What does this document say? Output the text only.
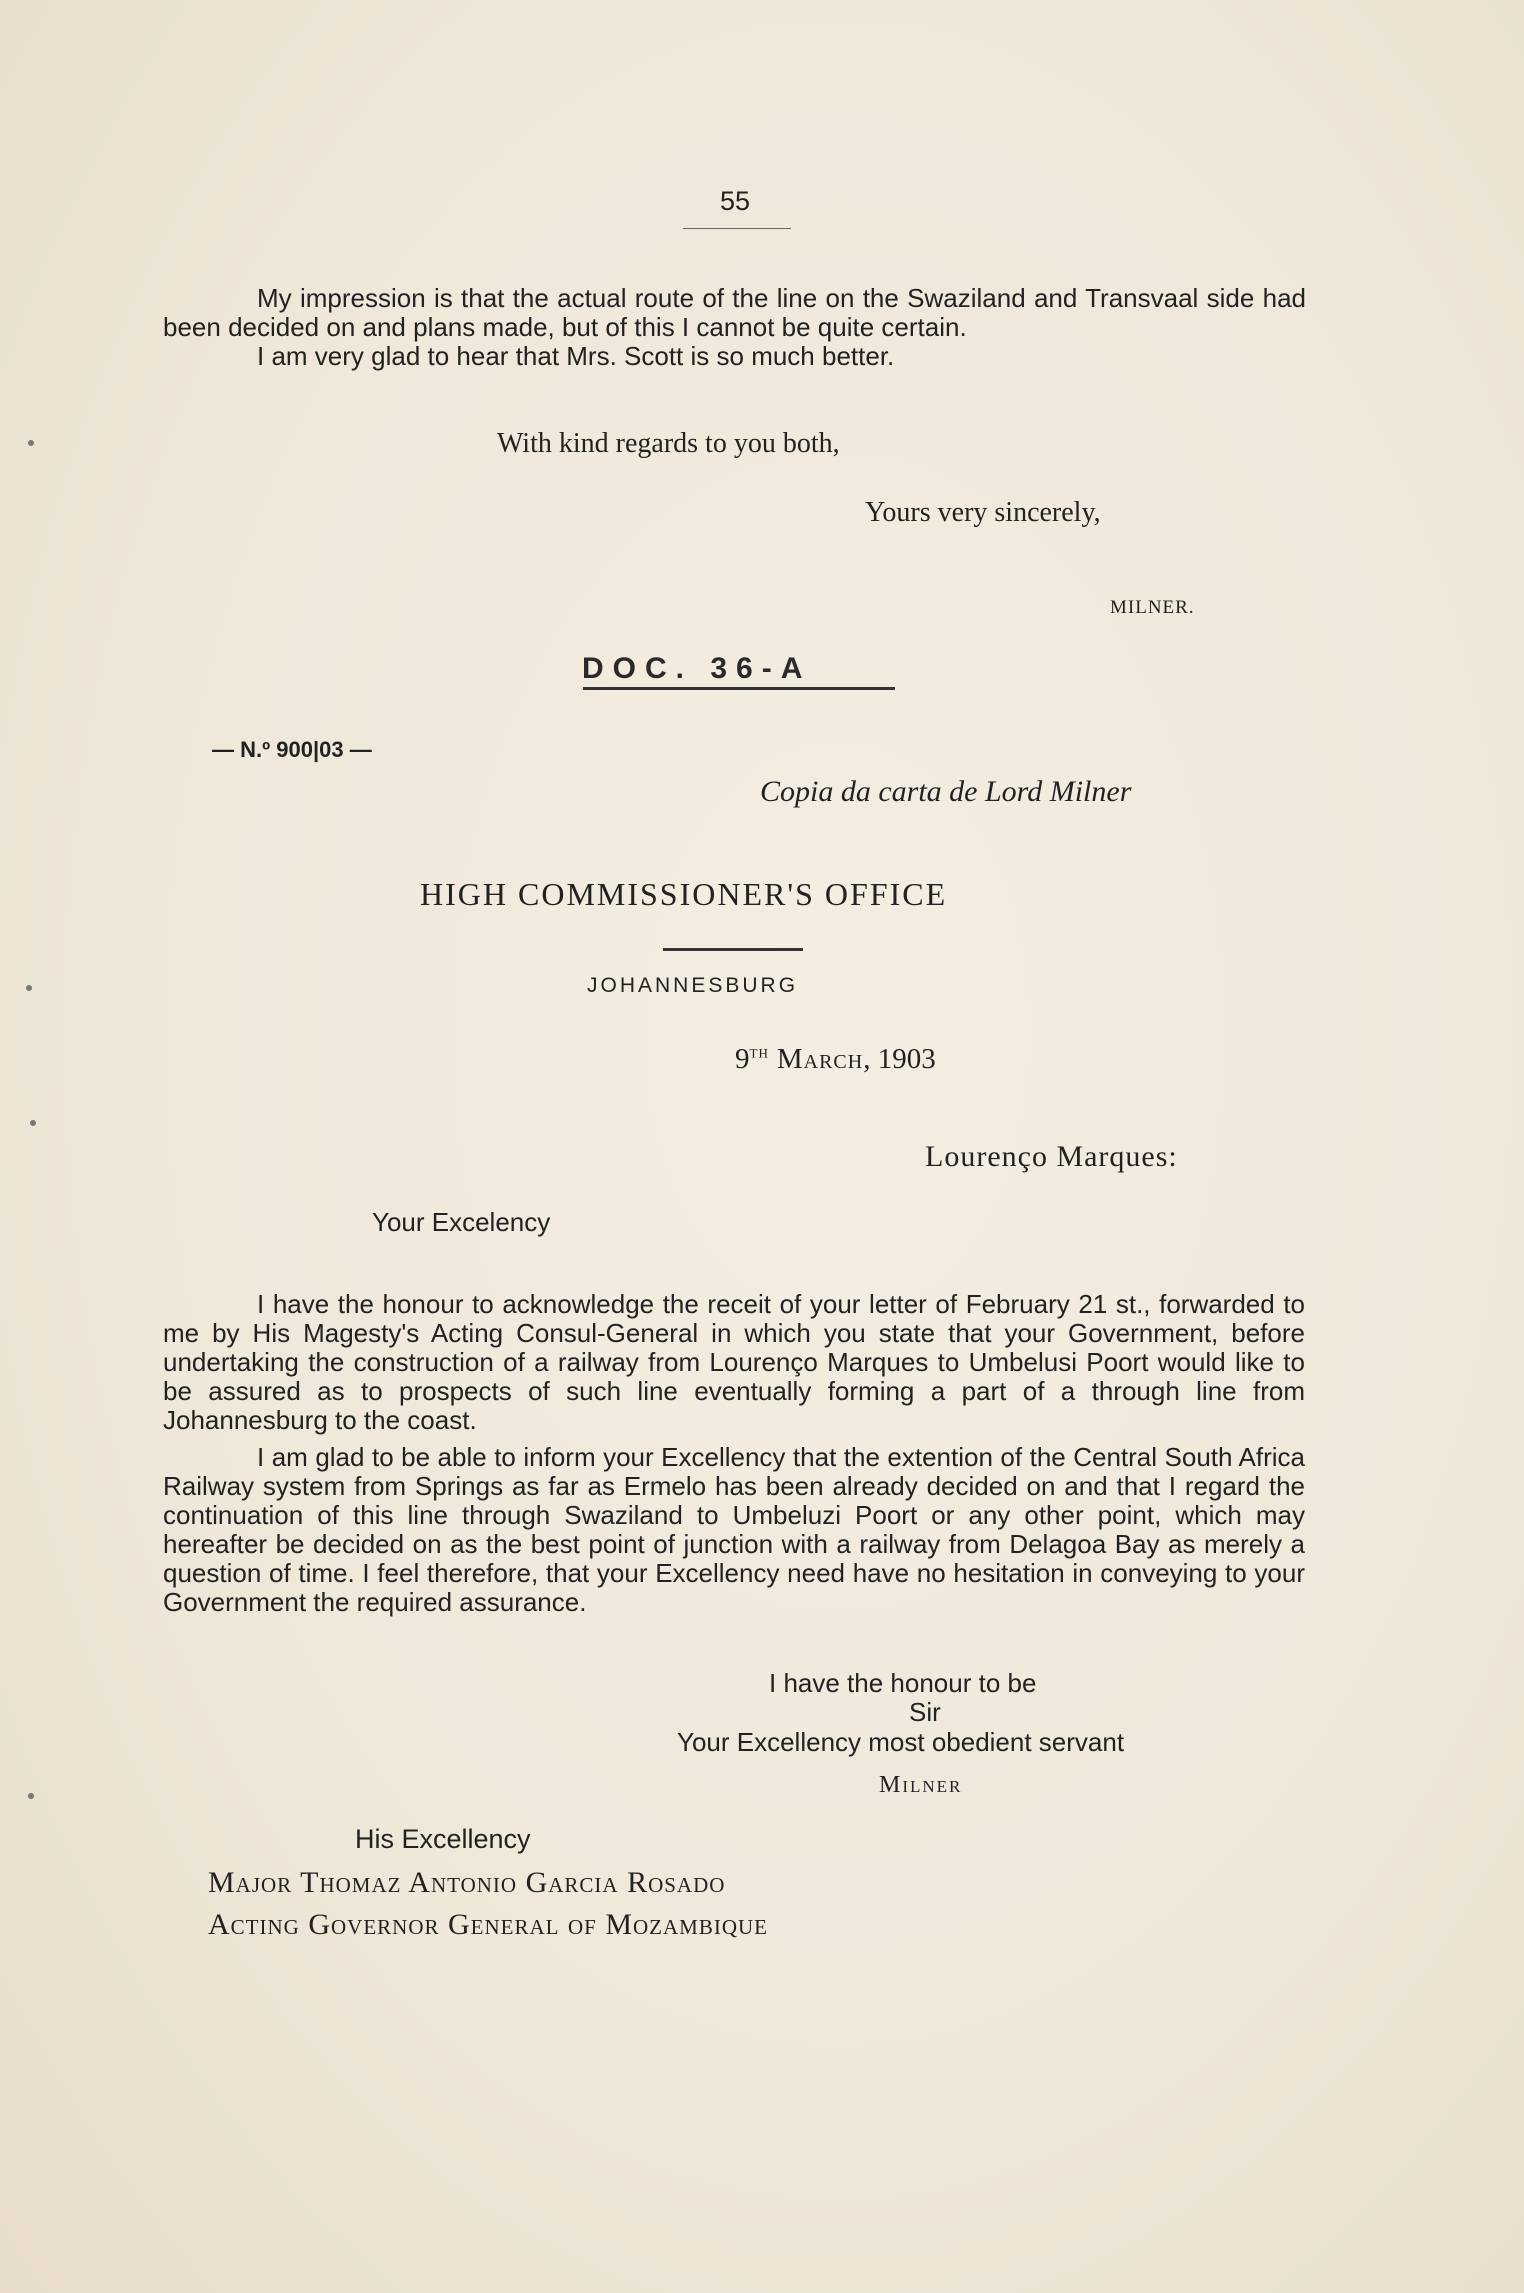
55

My impression is that the actual route of the line on the Swaziland and Transvaal side had been decided on and plans made, but of this I cannot be quite certain.

I am very glad to hear that Mrs. Scott is so much better.

With kind regards to you both,
Yours very sincerely,
MILNER.
DOC. 36-A
— N.º 900|03 —
Copia da carta de Lord Milner
HIGH COMMISSIONER'S OFFICE
JOHANNESBURG
9TH March, 1903
Lourenço Marques:
Your Excelency

I have the honour to acknowledge the receit of your letter of February 21 st., forwarded to me by His Magesty's Acting Consul-General in which you state that your Government, before undertaking the construction of a railway from Lourenço Marques to Umbelusi Poort would like to be assured as to prospects of such line eventually forming a part of a through line from Johannesburg to the coast.

I am glad to be able to inform your Excellency that the extention of the Central South Africa Railway system from Springs as far as Ermelo has been already decided on and that I regard the continuation of this line through Swaziland to Umbeluzi Poort or any other point, which may hereafter be decided on as the best point of junction with a railway from Delagoa Bay as merely a question of time. I feel therefore, that your Excellency need have no hesitation in conveying to your Government the required assurance.

I have the honour to be
Sir
Your Excellency most obedient servant
Milner
His Excellency
Major Thomaz Antonio Garcia Rosado
Acting Governor General of Mozambique
